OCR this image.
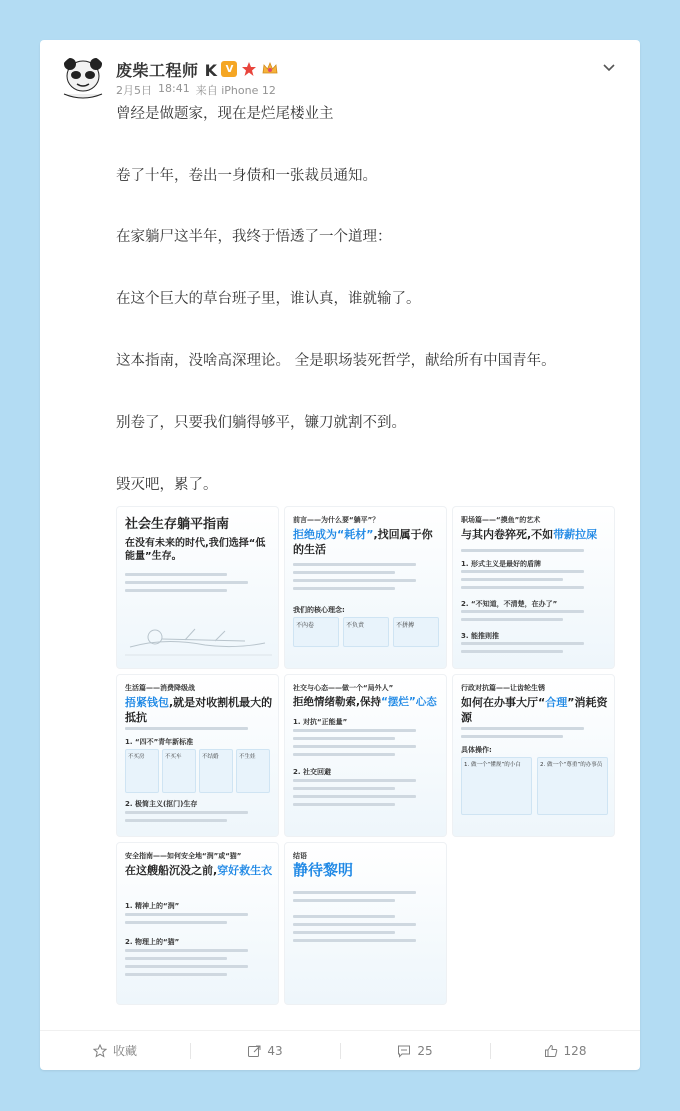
废柴工程师 K V
2月5日 18:41 来自 iPhone 12
曾经是做题家，现在是烂尾楼业主
卷了十年，卷出一身债和一张裁员通知。
在家躺尸这半年，我终于悟透了一个道理：
在这个巨大的草台班子里，谁认真，谁就输了。
这本指南，没啥高深理论。 全是职场装死哲学，献给所有中国青年。
别卷了，只要我们躺得够平，镰刀就割不到。
毁灭吧，累了。
社会生存躺平指南
在没有未来的时代,我们选择“低能量”生存。
前言——为什么要“躺平”？
拒绝成为“耗材”,找回属于你的生活
我们的核心理念:
不內卷	不负责	不拼搏
职场篇——“摸鱼”的艺术
与其内卷猝死,不如带薪拉屎
1. 形式主义是最好的盾牌
2. “不知道，不清楚，在办了”
3. 能推则推
生活篇——消费降级战
捂紧钱包,就是对收割机最大的抵抗
1. “四不”青年新标准
不买房	不买车	不结婚	不生娃
2. 极简主义(抠门)生存
社交与心态——做一个“局外人”
拒绝情绪勒索,保持“摆烂”心态
1. 对抗“正能量”
2. 社交回避
行政对抗篇——让齿轮生锈
如何在办事大厅“合理”消耗资源
具体操作:
1. 做一个“懂规”的小白	2. 做一个“尊重”的办事员
安全指南——如何安全地“润”或“猫”
在这艘船沉没之前,穿好救生衣
1. 精神上的“润”
2. 物理上的“猫”
结语
静待黎明
收藏	43	25	128
